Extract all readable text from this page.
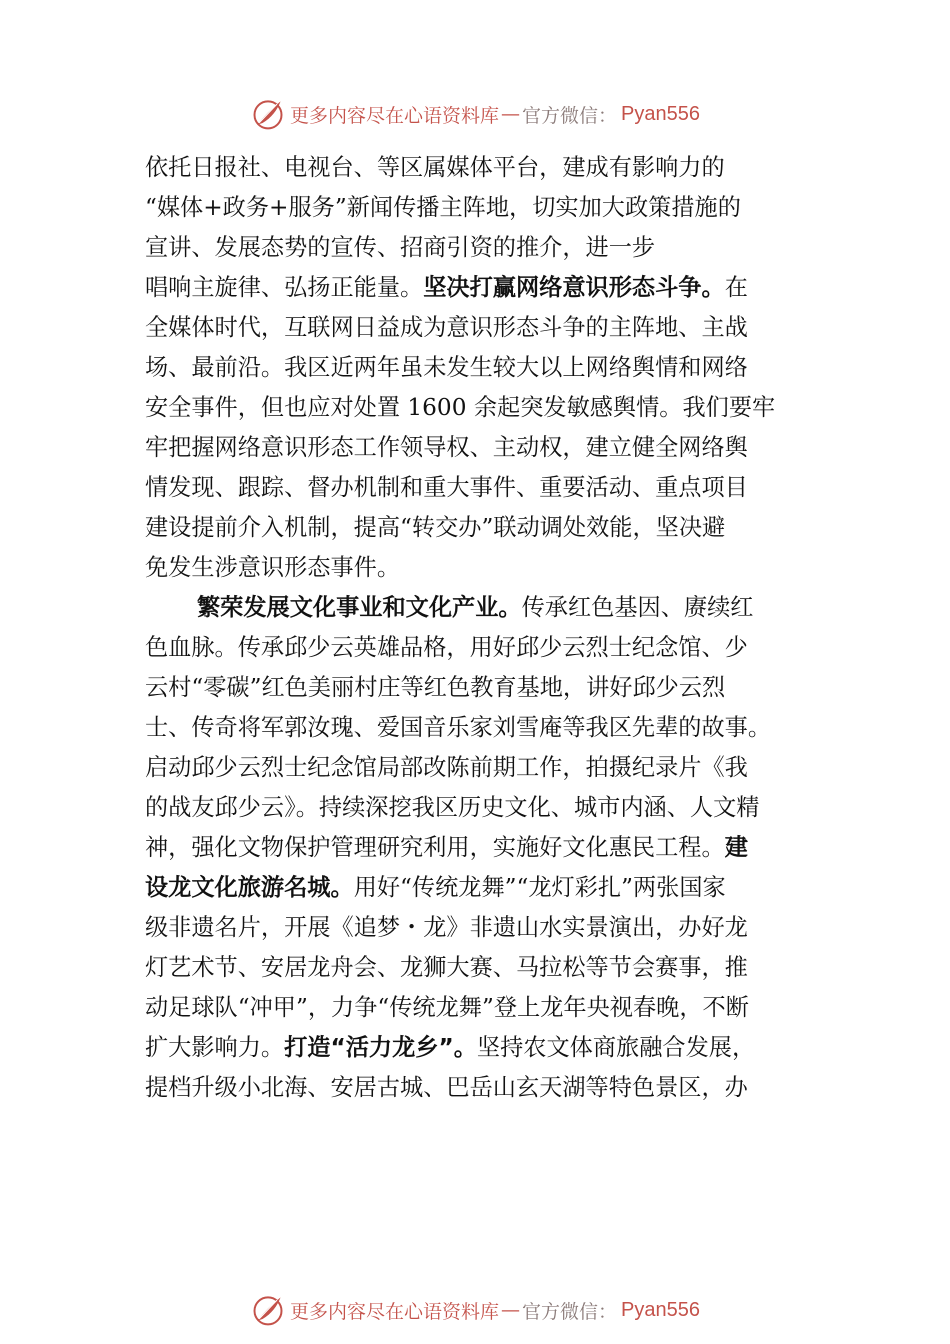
更多内容尽在心语资料库 — 官方微信： Pyan556
依托日报社、电视台、等区属媒体平台，建成有影响力的
“媒体+政务+服务”新闻传播主阵地，切实加大政策措施的
宣讲、发展态势的宣传、招商引资的推介，进一步
唱响主旋律、弘扬正能量。坚决打赢网络意识形态斗争。在
全媒体时代，互联网日益成为意识形态斗争的主阵地、主战
场、最前沿。我区近两年虽未发生较大以上网络舆情和网络
安全事件，但也应对处置 1600 余起突发敏感舆情。我们要牢
牢把握网络意识形态工作领导权、主动权，建立健全网络舆
情发现、跟踪、督办机制和重大事件、重要活动、重点项目
建设提前介入机制，提高“转交办”联动调处效能，坚决避
免发生涉意识形态事件。
繁荣发展文化事业和文化产业。传承红色基因、赓续红
色血脉。传承邱少云英雄品格，用好邱少云烈士纪念馆、少
云村“零碳”红色美丽村庄等红色教育基地，讲好邱少云烈
士、传奇将军郭汝瑰、爱国音乐家刘雪庵等我区先辈的故事。
启动邱少云烈士纪念馆局部改陈前期工作，拍摄纪录片《我
的战友邱少云》。持续深挖我区历史文化、城市内涵、人文精
神，强化文物保护管理研究利用，实施好文化惠民工程。建
设龙文化旅游名城。用好“传统龙舞”“龙灯彩扎”两张国家
级非遗名片，开展《追梦・龙》非遗山水实景演出，办好龙
灯艺术节、安居龙舟会、龙狮大赛、马拉松等节会赛事，推
动足球队“冲甲”，力争“传统龙舞”登上龙年央视春晚，不断
扩大影响力。打造“活力龙乡”。坚持农文体商旅融合发展，
提档升级小北海、安居古城、巴岳山玄天湖等特色景区，办
更多内容尽在心语资料库 — 官方微信： Pyan556
